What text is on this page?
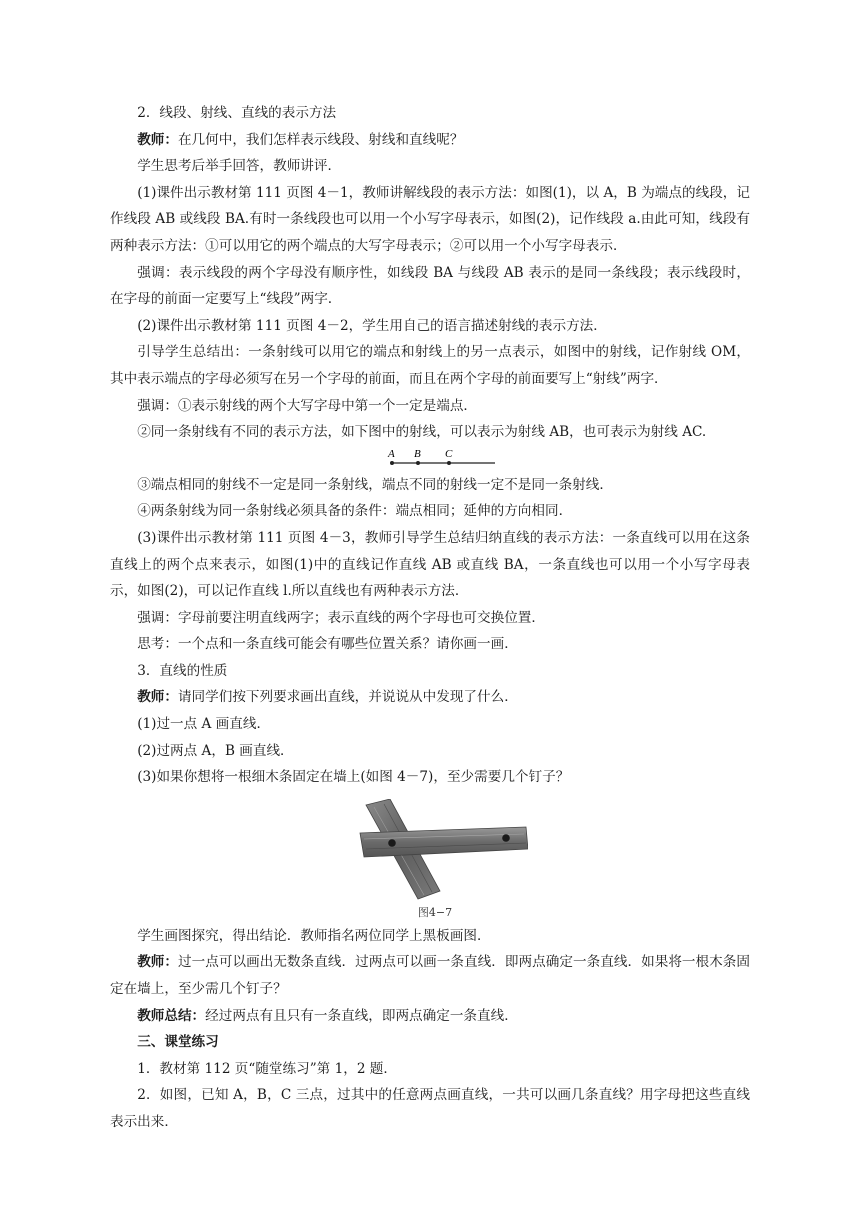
2．线段、射线、直线的表示方法

教师：在几何中，我们怎样表示线段、射线和直线呢？

学生思考后举手回答，教师讲评．

(1)课件出示教材第 111 页图 4－1，教师讲解线段的表示方法：如图(1)，以 A，B 为端点的线段，记作线段 AB 或线段 BA.有时一条线段也可以用一个小写字母表示，如图(2)，记作线段 a.由此可知，线段有两种表示方法：①可以用它的两个端点的大写字母表示；②可以用一个小写字母表示．

强调：表示线段的两个字母没有顺序性，如线段 BA 与线段 AB 表示的是同一条线段；表示线段时，在字母的前面一定要写上“线段”两字.

(2)课件出示教材第 111 页图 4－2，学生用自己的语言描述射线的表示方法．

引导学生总结出：一条射线可以用它的端点和射线上的另一点表示，如图中的射线，记作射线 OM，其中表示端点的字母必须写在另一个字母的前面，而且在两个字母的前面要写上“射线”两字．

强调：①表示射线的两个大写字母中第一个一定是端点．

②同一条射线有不同的表示方法，如下图中的射线，可以表示为射线 AB，也可表示为射线 AC.

A B C

③端点相同的射线不一定是同一条射线，端点不同的射线一定不是同一条射线．

④两条射线为同一条射线必须具备的条件：端点相同；延伸的方向相同．

(3)课件出示教材第 111 页图 4－3，教师引导学生总结归纳直线的表示方法：一条直线可以用在这条直线上的两个点来表示，如图(1)中的直线记作直线 AB 或直线 BA，一条直线也可以用一个小写字母表示，如图(2)，可以记作直线 l.所以直线也有两种表示方法．

强调：字母前要注明直线两字；表示直线的两个字母也可交换位置．

思考：一个点和一条直线可能会有哪些位置关系？请你画一画．

3．直线的性质

教师：请同学们按下列要求画出直线，并说说从中发现了什么．

(1)过一点 A 画直线．

(2)过两点 A，B 画直线．

(3)如果你想将一根细木条固定在墙上(如图 4－7)，至少需要几个钉子？

图4−7

学生画图探究，得出结论．教师指名两位同学上黑板画图．

教师：过一点可以画出无数条直线．过两点可以画一条直线．即两点确定一条直线．如果将一根木条固定在墙上，至少需几个钉子？

教师总结：经过两点有且只有一条直线，即两点确定一条直线．

三、课堂练习

1．教材第 112 页“随堂练习”第 1，2 题．

2．如图，已知 A，B，C 三点，过其中的任意两点画直线，一共可以画几条直线？用字母把这些直线表示出来．
